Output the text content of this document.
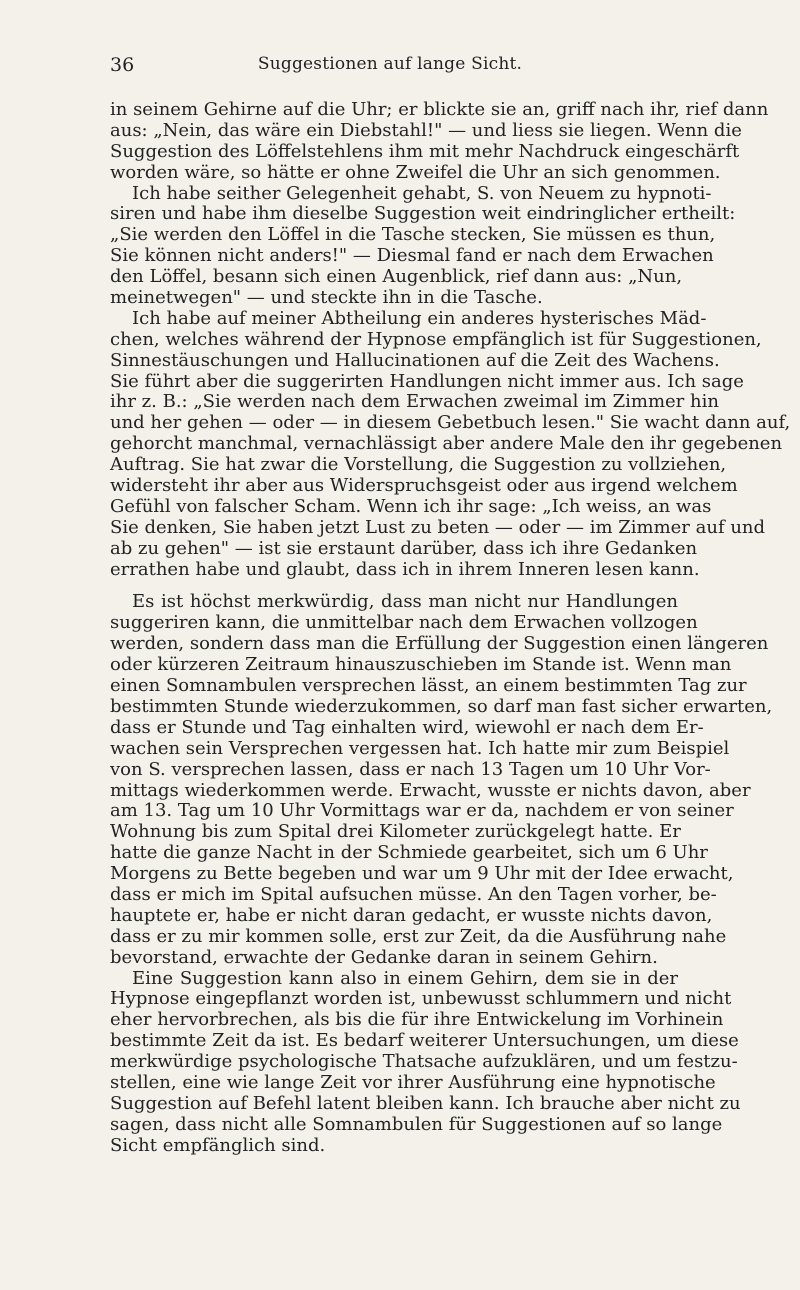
36	Suggestionen auf lange Sicht.
in seinem Gehirne auf die Uhr; er blickte sie an, griff nach ihr, rief dann
aus: „Nein, das wäre ein Diebstahl!" — und liess sie liegen. Wenn die
Suggestion des Löffelstehlens ihm mit mehr Nachdruck eingeschärft
worden wäre, so hätte er ohne Zweifel die Uhr an sich genommen.
Ich habe seither Gelegenheit gehabt, S. von Neuem zu hypnoti-
siren und habe ihm dieselbe Suggestion weit eindringlicher ertheilt:
„Sie werden den Löffel in die Tasche stecken, Sie müssen es thun,
Sie können nicht anders!" — Diesmal fand er nach dem Erwachen
den Löffel, besann sich einen Augenblick, rief dann aus: „Nun,
meinetwegen" — und steckte ihn in die Tasche.
Ich habe auf meiner Abtheilung ein anderes hysterisches Mäd-
chen, welches während der Hypnose empfänglich ist für Suggestionen,
Sinnestäuschungen und Hallucinationen auf die Zeit des Wachens.
Sie führt aber die suggerirten Handlungen nicht immer aus. Ich sage
ihr z. B.: „Sie werden nach dem Erwachen zweimal im Zimmer hin
und her gehen — oder — in diesem Gebetbuch lesen." Sie wacht dann auf,
gehorcht manchmal, vernachlässigt aber andere Male den ihr gegebenen
Auftrag. Sie hat zwar die Vorstellung, die Suggestion zu vollziehen,
widersteht ihr aber aus Widerspruchsgeist oder aus irgend welchem
Gefühl von falscher Scham. Wenn ich ihr sage: „Ich weiss, an was
Sie denken, Sie haben jetzt Lust zu beten — oder — im Zimmer auf und
ab zu gehen" — ist sie erstaunt darüber, dass ich ihre Gedanken
errathen habe und glaubt, dass ich in ihrem Inneren lesen kann.
Es ist höchst merkwürdig, dass man nicht nur Handlungen
suggeriren kann, die unmittelbar nach dem Erwachen vollzogen
werden, sondern dass man die Erfüllung der Suggestion einen längeren
oder kürzeren Zeitraum hinauszuschieben im Stande ist. Wenn man
einen Somnambulen versprechen lässt, an einem bestimmten Tag zur
bestimmten Stunde wiederzukommen, so darf man fast sicher erwarten,
dass er Stunde und Tag einhalten wird, wiewohl er nach dem Er-
wachen sein Versprechen vergessen hat. Ich hatte mir zum Beispiel
von S. versprechen lassen, dass er nach 13 Tagen um 10 Uhr Vor-
mittags wiederkommen werde. Erwacht, wusste er nichts davon, aber
am 13. Tag um 10 Uhr Vormittags war er da, nachdem er von seiner
Wohnung bis zum Spital drei Kilometer zurückgelegt hatte. Er
hatte die ganze Nacht in der Schmiede gearbeitet, sich um 6 Uhr
Morgens zu Bette begeben und war um 9 Uhr mit der Idee erwacht,
dass er mich im Spital aufsuchen müsse. An den Tagen vorher, be-
hauptete er, habe er nicht daran gedacht, er wusste nichts davon,
dass er zu mir kommen solle, erst zur Zeit, da die Ausführung nahe
bevorstand, erwachte der Gedanke daran in seinem Gehirn.
Eine Suggestion kann also in einem Gehirn, dem sie in der
Hypnose eingepflanzt worden ist, unbewusst schlummern und nicht
eher hervorbrechen, als bis die für ihre Entwickelung im Vorhinein
bestimmte Zeit da ist. Es bedarf weiterer Untersuchungen, um diese
merkwürdige psychologische Thatsache aufzuklären, und um festzu-
stellen, eine wie lange Zeit vor ihrer Ausführung eine hypnotische
Suggestion auf Befehl latent bleiben kann. Ich brauche aber nicht zu
sagen, dass nicht alle Somnambulen für Suggestionen auf so lange
Sicht empfänglich sind.
